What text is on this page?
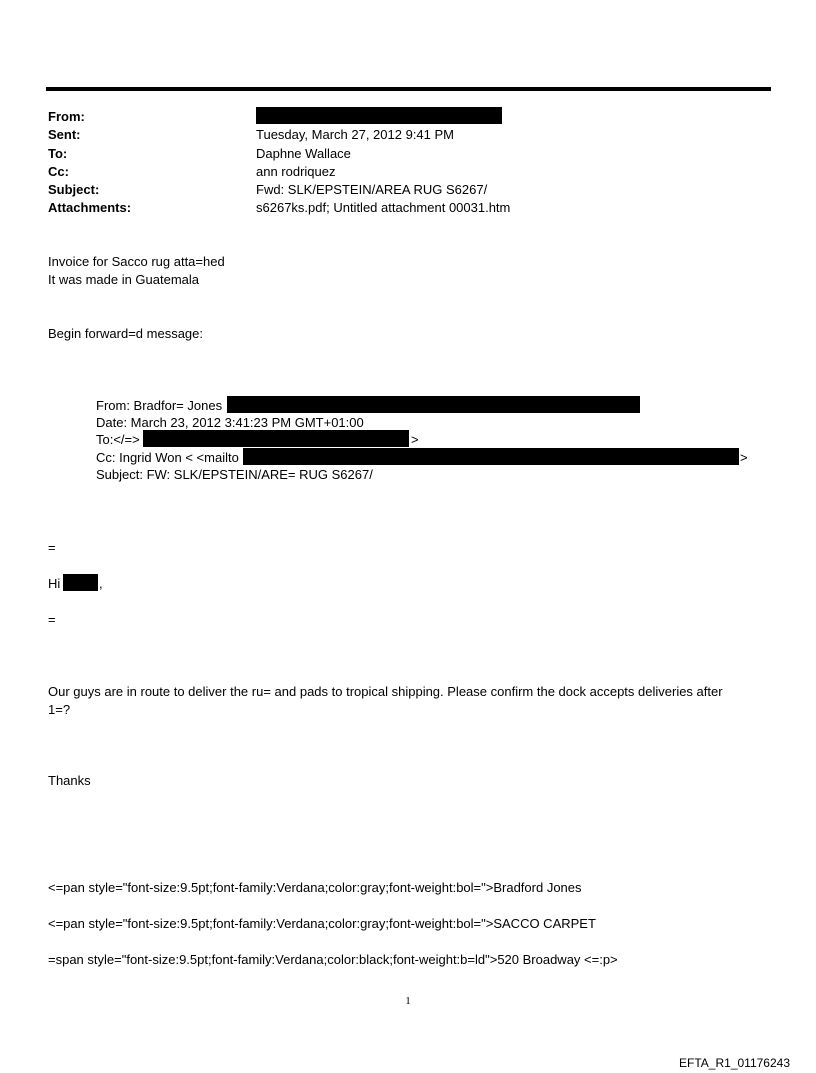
From:
Sent:	Tuesday, March 27, 2012 9:41 PM
To:	Daphne Wallace
Cc:	ann rodriquez
Subject:	Fwd: SLK/EPSTEIN/AREA RUG S6267/
Attachments:	s6267ks.pdf; Untitled attachment 00031.htm
Invoice for Sacco rug atta=hed
It was made in Guatemala
Begin forward=d message:
From: Bradfor= Jones
Date: March 23, 2012 3:41:23 PM GMT+01:00
To:</=>	>
Cc: Ingrid Won < <mailto	>
Subject: FW: SLK/EPSTEIN/ARE= RUG S6267/
=
Hi	,
=
Our guys are in route to deliver the ru= and pads to tropical shipping. Please confirm the dock accepts deliveries after
1=?
Thanks
<=pan style="font-size:9.5pt;font-family:Verdana;color:gray;font-weight:bol=">Bradford Jones
<=pan style="font-size:9.5pt;font-family:Verdana;color:gray;font-weight:bol=">SACCO CARPET
=span style="font-size:9.5pt;font-family:Verdana;color:black;font-weight:b=ld">520 Broadway <=:p>
1
EFTA_R1_01176243
